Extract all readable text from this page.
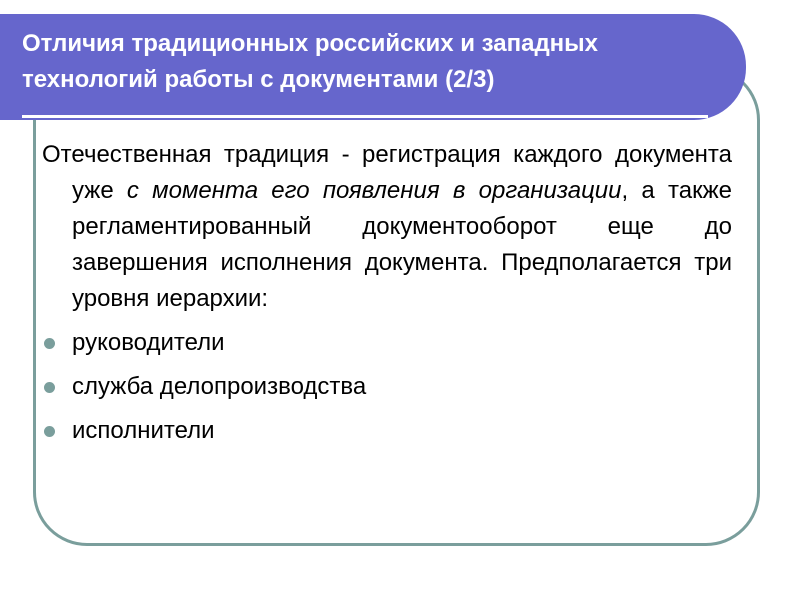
Отличия традиционных российских и западных технологий работы с документами (2/3)

Отечественная традиция - регистрация каждого документа уже с момента его появления в организации, а также регламентированный документооборот еще до завершения исполнения документа. Предполагается три уровня иерархии:

руководители
служба делопроизводства
исполнители
